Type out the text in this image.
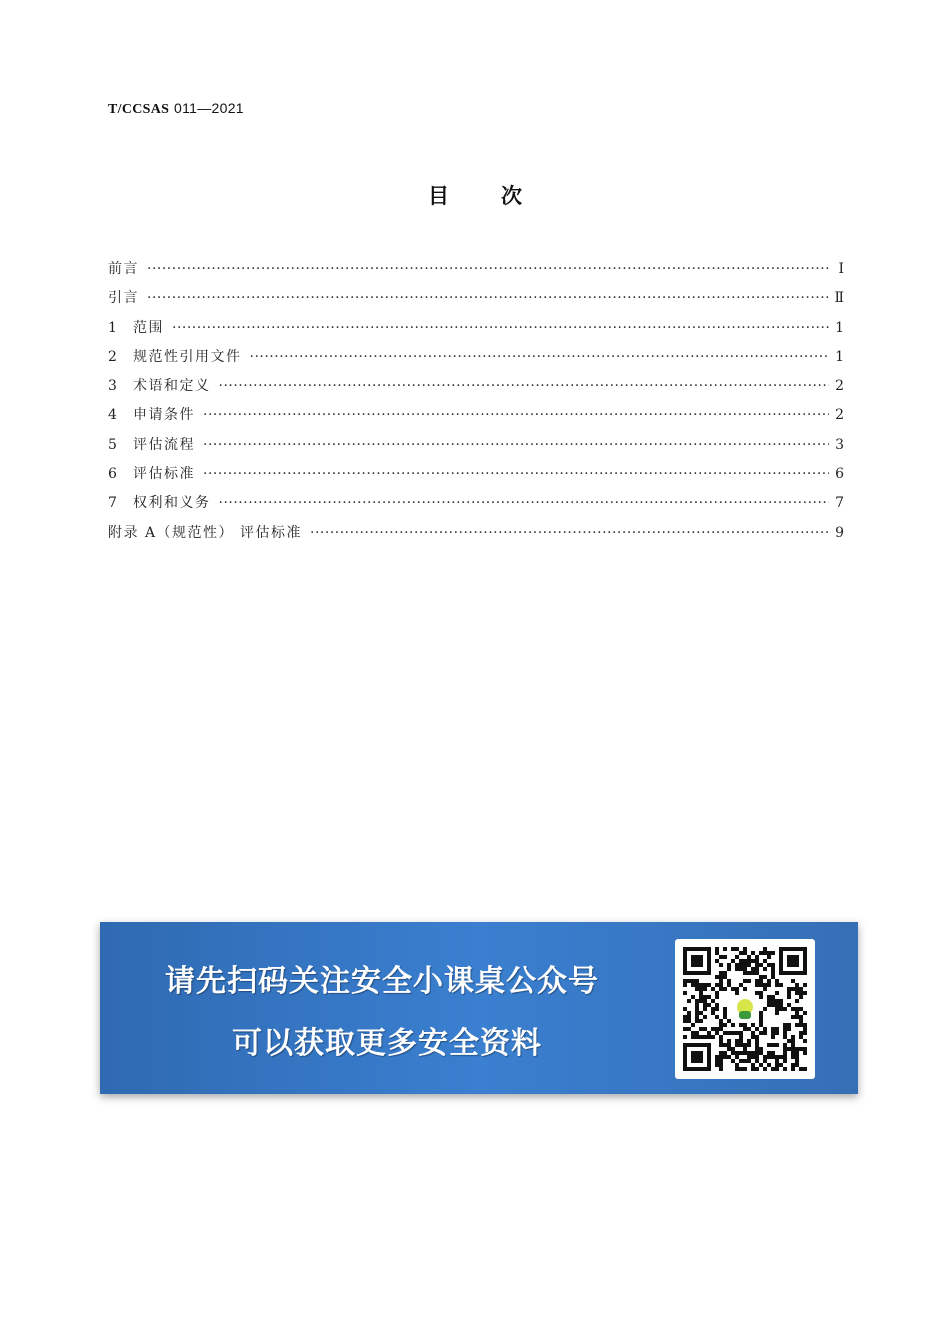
T/CCSAS 011—2021
目次
前言 ·····	Ⅰ
引言 ·····	Ⅱ
1	范围 ·····	1
2	规范性引用文件 ·····	1
3	术语和定义 ·····	2
4	申请条件 ·····	2
5	评估流程 ·····	3
6	评估标准 ·····	6
7	权利和义务 ·····	7
附录 A（规范性） 评估标准 ·····	9
请先扫码关注安全小课桌公众号
可以获取更多安全资料
